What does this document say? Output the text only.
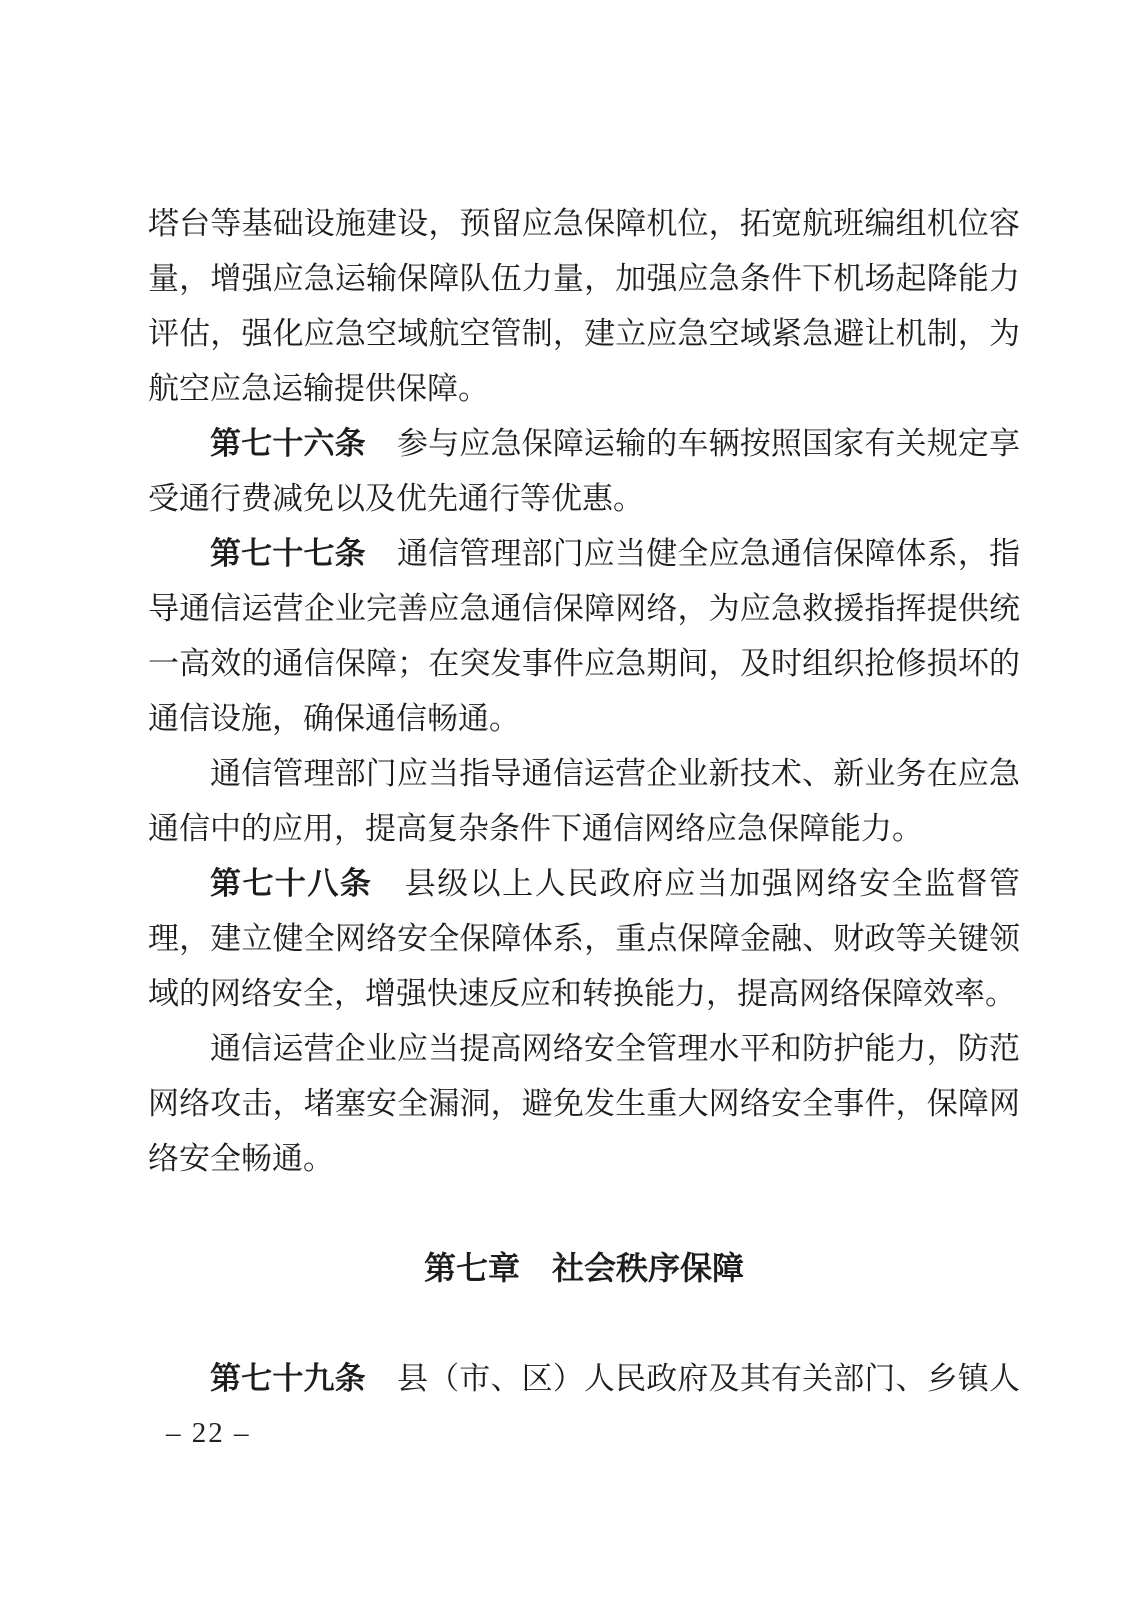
塔台等基础设施建设，预留应急保障机位，拓宽航班编组机位容量，增强应急运输保障队伍力量，加强应急条件下机场起降能力评估，强化应急空域航空管制，建立应急空域紧急避让机制，为航空应急运输提供保障。

第七十六条　参与应急保障运输的车辆按照国家有关规定享受通行费减免以及优先通行等优惠。

第七十七条　通信管理部门应当健全应急通信保障体系，指导通信运营企业完善应急通信保障网络，为应急救援指挥提供统一高效的通信保障；在突发事件应急期间，及时组织抢修损坏的通信设施，确保通信畅通。

通信管理部门应当指导通信运营企业新技术、新业务在应急通信中的应用，提高复杂条件下通信网络应急保障能力。

第七十八条　县级以上人民政府应当加强网络安全监督管理，建立健全网络安全保障体系，重点保障金融、财政等关键领域的网络安全，增强快速反应和转换能力，提高网络保障效率。

通信运营企业应当提高网络安全管理水平和防护能力，防范网络攻击，堵塞安全漏洞，避免发生重大网络安全事件，保障网络安全畅通。

第七章　社会秩序保障

第七十九条　县（市、区）人民政府及其有关部门、乡镇人

– 22 –
